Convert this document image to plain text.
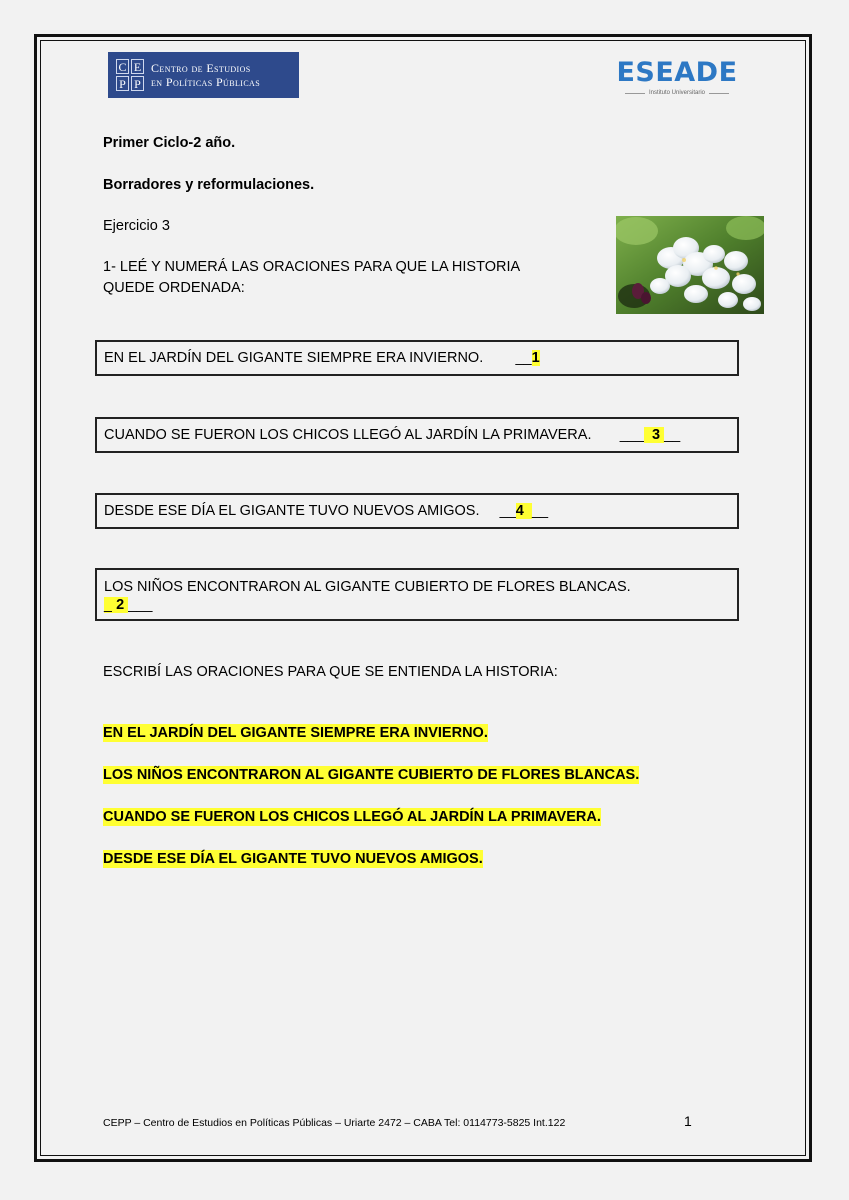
C E
P P
Centro de Estudios
en Políticas Públicas	ESEADE
Instituto Universitario
Primer Ciclo-2 año.
Borradores y reformulaciones.
Ejercicio 3
1- LEÉ Y NUMERÁ LAS ORACIONES PARA QUE LA HISTORIA
QUEDE ORDENADA:
EN EL JARDÍN DEL GIGANTE SIEMPRE ERA INVIERNO. __1
CUANDO SE FUERON LOS CHICOS LLEGÓ AL JARDÍN LA PRIMAVERA. ___ 3 __
DESDE ESE DÍA EL GIGANTE TUVO NUEVOS AMIGOS. __4 __
LOS NIÑOS ENCONTRARON AL GIGANTE CUBIERTO DE FLORES BLANCAS.
_ 2 ___
ESCRIBÍ LAS ORACIONES PARA QUE SE ENTIENDA LA HISTORIA:
EN EL JARDÍN DEL GIGANTE SIEMPRE ERA INVIERNO.
LOS NIÑOS ENCONTRARON AL GIGANTE CUBIERTO DE FLORES BLANCAS.
CUANDO SE FUERON LOS CHICOS LLEGÓ AL JARDÍN LA PRIMAVERA.
DESDE ESE DÍA EL GIGANTE TUVO NUEVOS AMIGOS.
CEPP – Centro de Estudios en Políticas Públicas – Uriarte 2472 – CABA Tel: 0114773-5825 Int.122	1
